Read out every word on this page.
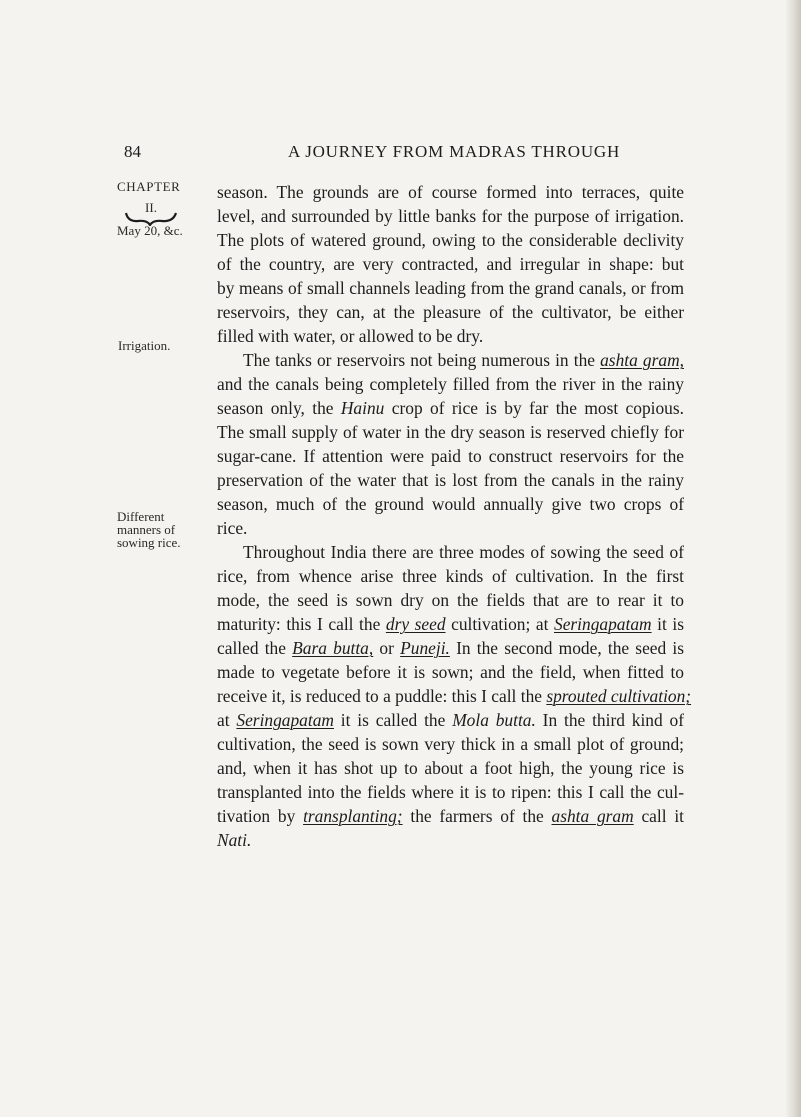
84	A JOURNEY FROM MADRAS THROUGH
CHAPTER
II.
May 20, &c.
Irrigation.
Different
manners of
sowing rice.
season. The grounds are of course formed into terraces, quite
level, and surrounded by little banks for the purpose of irrigation.
The plots of watered ground, owing to the considerable declivity
of the country, are very contracted, and irregular in shape: but
by means of small channels leading from the grand canals, or from
reservoirs, they can, at the pleasure of the cultivator, be either
filled with water, or allowed to be dry.
The tanks or reservoirs not being numerous in the ashta gram,
and the canals being completely filled from the river in the rainy
season only, the Hainu crop of rice is by far the most copious.
The small supply of water in the dry season is reserved chiefly for
sugar-cane. If attention were paid to construct reservoirs for the
preservation of the water that is lost from the canals in the rainy
season, much of the ground would annually give two crops of
rice.
Throughout India there are three modes of sowing the seed of
rice, from whence arise three kinds of cultivation. In the first
mode, the seed is sown dry on the fields that are to rear it to
maturity: this I call the dry seed cultivation; at Seringapatam it is
called the Bara butta, or Puneji. In the second mode, the seed is
made to vegetate before it is sown; and the field, when fitted to
receive it, is reduced to a puddle: this I call the sprouted cultivation;
at Seringapatam it is called the Mola butta. In the third kind of
cultivation, the seed is sown very thick in a small plot of ground;
and, when it has shot up to about a foot high, the young rice is
transplanted into the fields where it is to ripen: this I call the cul-
tivation by transplanting; the farmers of the ashta gram call it
Nati.
